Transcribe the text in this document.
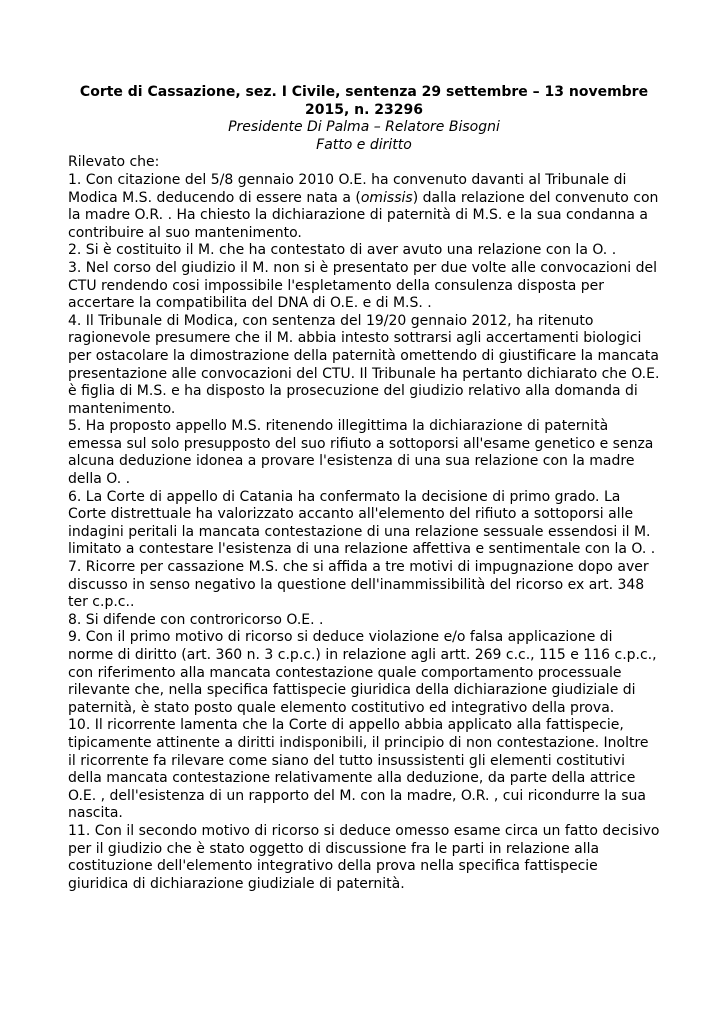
Corte di Cassazione, sez. I Civile, sentenza 29 settembre – 13 novembre 2015, n. 23296

Presidente Di Palma – Relatore Bisogni

Fatto e diritto

Rilevato che:

1. Con citazione del 5/8 gennaio 2010 O.E. ha convenuto davanti al Tribunale di Modica M.S. deducendo di essere nata a (omissis) dalla relazione del convenuto con la madre O.R. . Ha chiesto la dichiarazione di paternità di M.S. e la sua condanna a contribuire al suo mantenimento.

2. Si è costituito il M. che ha contestato di aver avuto una relazione con la O. .

3. Nel corso del giudizio il M. non si è presentato per due volte alle convocazioni del CTU rendendo cosi impossibile l'espletamento della consulenza disposta per accertare la compatibilita del DNA di O.E. e di M.S. .

4. Il Tribunale di Modica, con sentenza del 19/20 gennaio 2012, ha ritenuto ragionevole presumere che il M. abbia intesto sottrarsi agli accertamenti biologici per ostacolare la dimostrazione della paternità omettendo di giustificare la mancata presentazione alle convocazioni del CTU. Il Tribunale ha pertanto dichiarato che O.E. è figlia di M.S. e ha disposto la prosecuzione del giudizio relativo alla domanda di mantenimento.

5. Ha proposto appello M.S. ritenendo illegittima la dichiarazione di paternità emessa sul solo presupposto del suo rifiuto a sottoporsi all'esame genetico e senza alcuna deduzione idonea a provare l'esistenza di una sua relazione con la madre della O. .

6. La Corte di appello di Catania ha confermato la decisione di primo grado. La Corte distrettuale ha valorizzato accanto all'elemento del rifiuto a sottoporsi alle indagini peritali la mancata contestazione di una relazione sessuale essendosi il M. limitato a contestare l'esistenza di una relazione affettiva e sentimentale con la O. .

7. Ricorre per cassazione M.S. che si affida a tre motivi di impugnazione dopo aver discusso in senso negativo la questione dell'inammissibilità del ricorso ex art. 348 ter c.p.c..

8. Si difende con controricorso O.E. .

9. Con il primo motivo di ricorso si deduce violazione e/o falsa applicazione di norme di diritto (art. 360 n. 3 c.p.c.) in relazione agli artt. 269 c.c., 115 e 116 c.p.c., con riferimento alla mancata contestazione quale comportamento processuale rilevante che, nella specifica fattispecie giuridica della dichiarazione giudiziale di paternità, è stato posto quale elemento costitutivo ed integrativo della prova.

10. Il ricorrente lamenta che la Corte di appello abbia applicato alla fattispecie, tipicamente attinente a diritti indisponibili, il principio di non contestazione. Inoltre il ricorrente fa rilevare come siano del tutto insussistenti gli elementi costitutivi della mancata contestazione relativamente alla deduzione, da parte della attrice O.E. , dell'esistenza di un rapporto del M. con la madre, O.R. , cui ricondurre la sua nascita.

11. Con il secondo motivo di ricorso si deduce omesso esame circa un fatto decisivo per il giudizio che è stato oggetto di discussione fra le parti in relazione alla costituzione dell'elemento integrativo della prova nella specifica fattispecie giuridica di dichiarazione giudiziale di paternità.
